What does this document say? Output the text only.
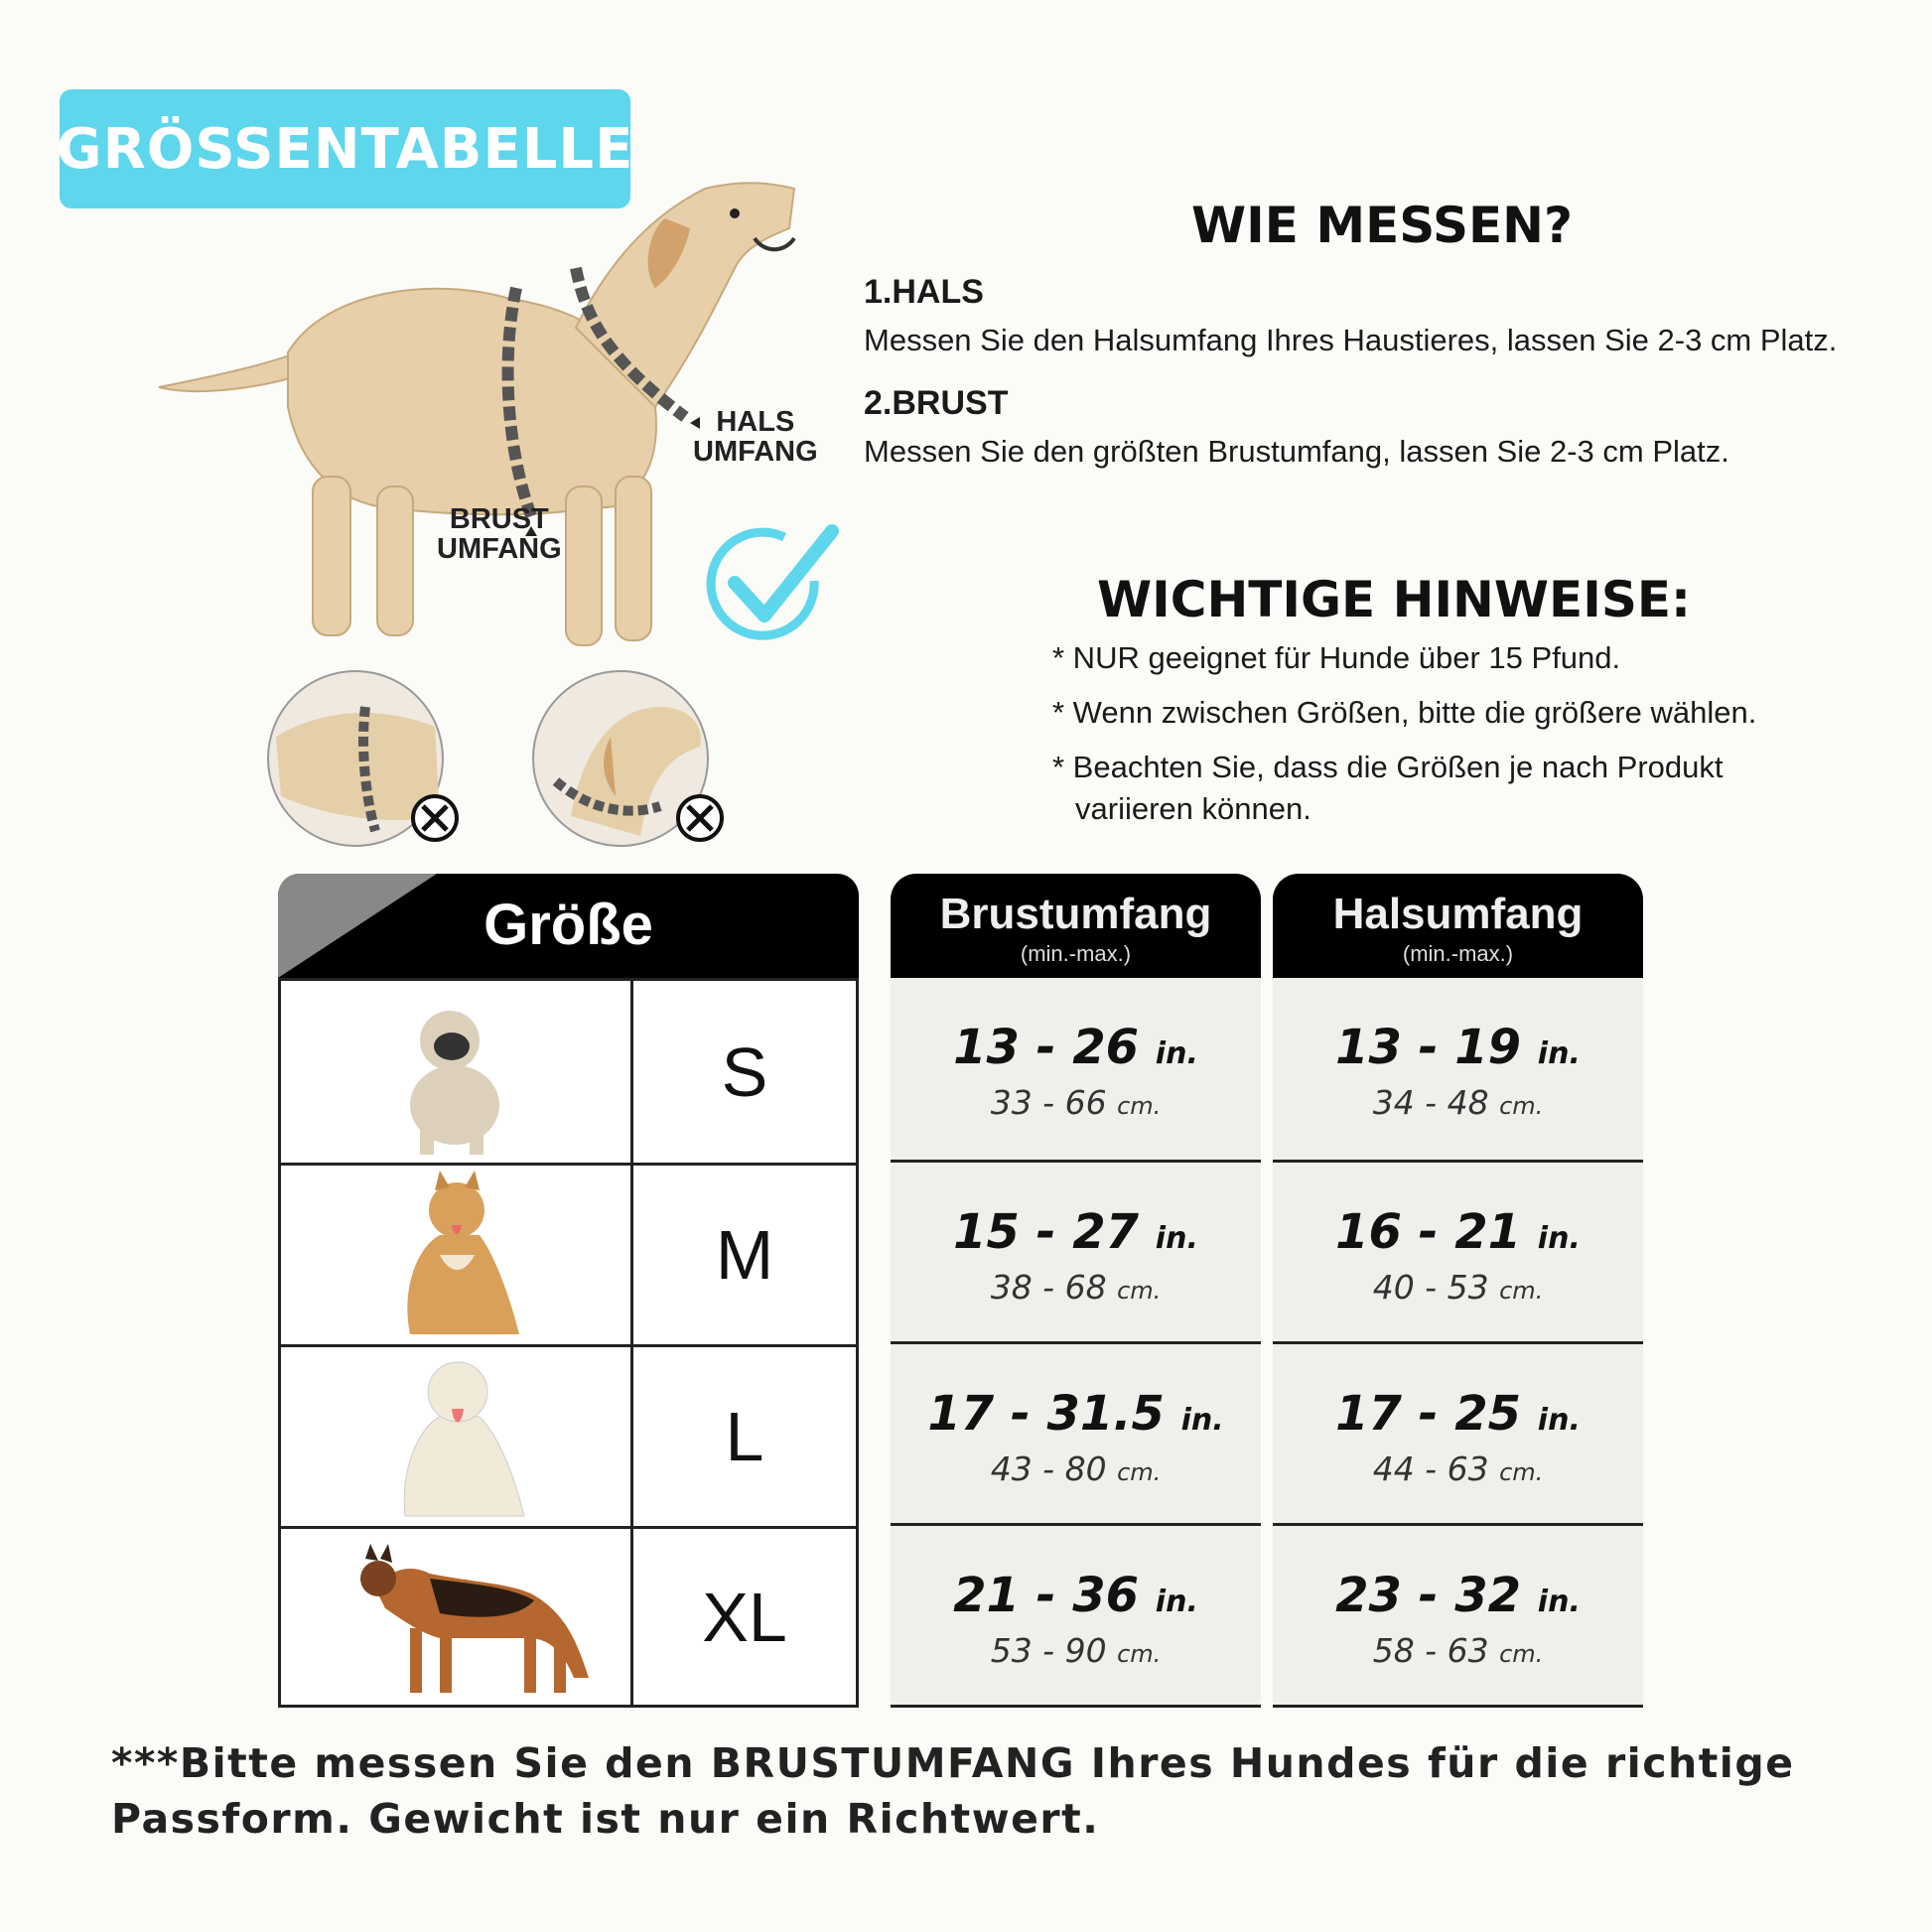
GRÖSSENTABELLE
HALS
UMFANG
BRUST
UMFANG
WIE MESSEN?
1.HALS
Messen Sie den Halsumfang Ihres Haustieres, lassen Sie 2-3 cm Platz.
2.BRUST
Messen Sie den größten Brustumfang, lassen Sie 2-3 cm Platz.
WICHTIGE HINWEISE:
* NUR geeignet für Hunde über 15 Pfund.
* Wenn zwischen Größen, bitte die größere wählen.
* Beachten Sie, dass die Größen je nach Produkt
variieren können.
Größe
S
M
L
XL
Brustumfang
(min.-max.)
13 - 26 in.
33 - 66 cm.
15 - 27 in.
38 - 68 cm.
17 - 31.5 in.
43 - 80 cm.
21 - 36 in.
53 - 90 cm.
Halsumfang
(min.-max.)
13 - 19 in.
34 - 48 cm.
16 - 21 in.
40 - 53 cm.
17 - 25 in.
44 - 63 cm.
23 - 32 in.
58 - 63 cm.
***Bitte messen Sie den BRUSTUMFANG Ihres Hundes für die richtige
Passform. Gewicht ist nur ein Richtwert.
